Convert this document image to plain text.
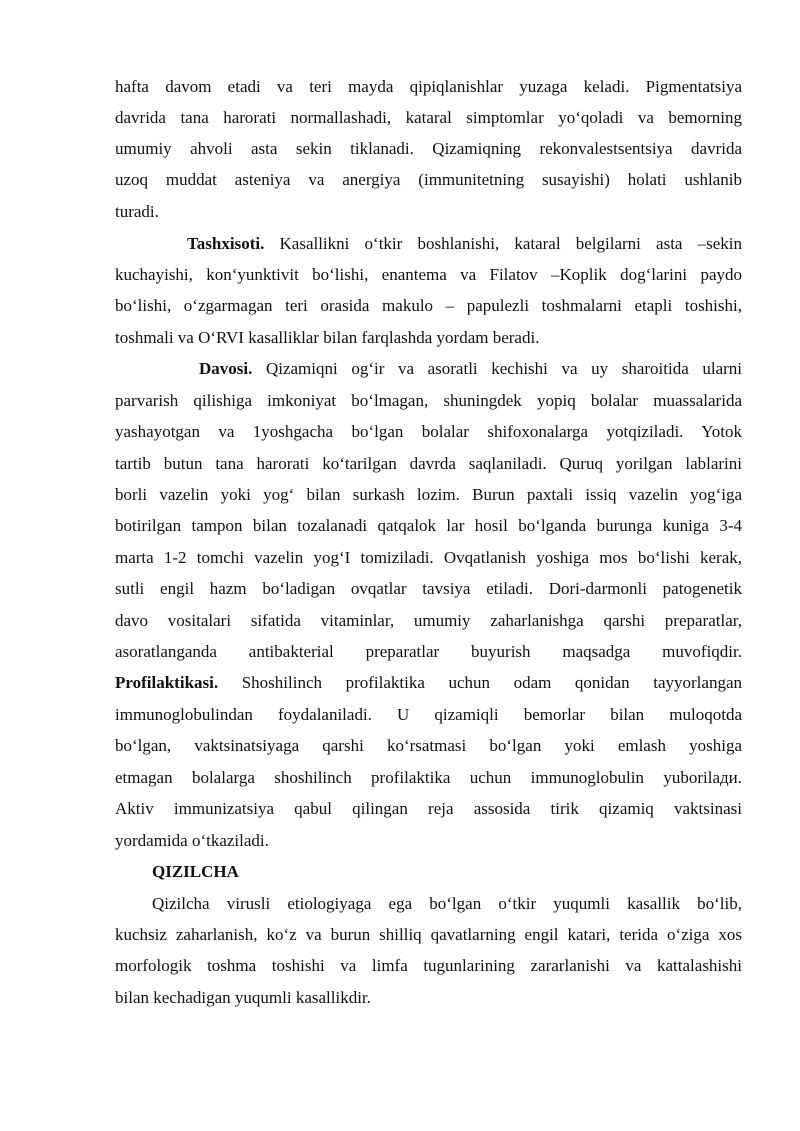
hafta davom etadi va teri mayda qipiqlanishlar yuzaga keladi. Pigmentatsiya
davrida tana harorati normallashadi, kataral simptomlar yo‘qoladi va bemorning
umumiy ahvoli asta sekin tiklanadi. Qizamiqning rekonvalestsentsiya davrida
uzoq muddat asteniya va anergiya (immunitetning susayishi) holati ushlanib
turadi.
Tashxisoti. Kasallikni o‘tkir boshlanishi, kataral belgilarni asta –sekin
kuchayishi, kon‘yunktivit bo‘lishi, enantema va Filatov –Koplik dog‘larini paydo
bo‘lishi, o‘zgarmagan teri orasida makulo – papulezli toshmalarni etapli toshishi,
toshmali va O‘RVI kasalliklar bilan farqlashda yordam beradi.
Davosi. Qizamiqni og‘ir va asoratli kechishi va uy sharoitida ularni
parvarish qilishiga imkoniyat bo‘lmagan, shuningdek yopiq bolalar muassalarida
yashayotgan va 1yoshgacha bo‘lgan bolalar shifoxonalarga yotqiziladi. Yotok
tartib butun tana harorati ko‘tarilgan davrda saqlaniladi. Quruq yorilgan lablarini
borli vazelin yoki yog‘ bilan surkash lozim. Burun paxtali issiq vazelin yog‘iga
botirilgan tampon bilan tozalanadi qatqalok lar hosil bo‘lganda burunga kuniga 3-4
marta 1-2 tomchi vazelin yog‘I tomiziladi. Ovqatlanish yoshiga mos bo‘lishi kerak,
sutli engil hazm bo‘ladigan ovqatlar tavsiya etiladi. Dori-darmonli patogenetik
davo vositalari sifatida vitaminlar, umumiy zaharlanishga qarshi preparatlar,
asoratlanganda antibakterial preparatlar buyurish maqsadga muvofiqdir.
Profilaktikasi. Shoshilinch profilaktika uchun odam qonidan tayyorlangan
immunoglobulindan foydalaniladi. U qizamiqli bemorlar bilan muloqotda
bo‘lgan, vaktsinatsiyaga qarshi ko‘rsatmasi bo‘lgan yoki emlash yoshiga
etmagan bolalarga shoshilinch profilaktika uchun immunoglobulin yuborilади.
Aktiv immunizatsiya qabul qilingan reja assosida tirik qizamiq vaktsinasi
yordamida o‘tkaziladi.
QIZILCHA
Qizilcha virusli etiologiyaga ega bo‘lgan o‘tkir yuqumli kasallik bo‘lib,
kuchsiz zaharlanish, ko‘z va burun shilliq qavatlarning engil katari, terida o‘ziga xos
morfologik toshma toshishi va limfa tugunlarining zararlanishi va kattalashishi
bilan kechadigan yuqumli kasallikdir.
